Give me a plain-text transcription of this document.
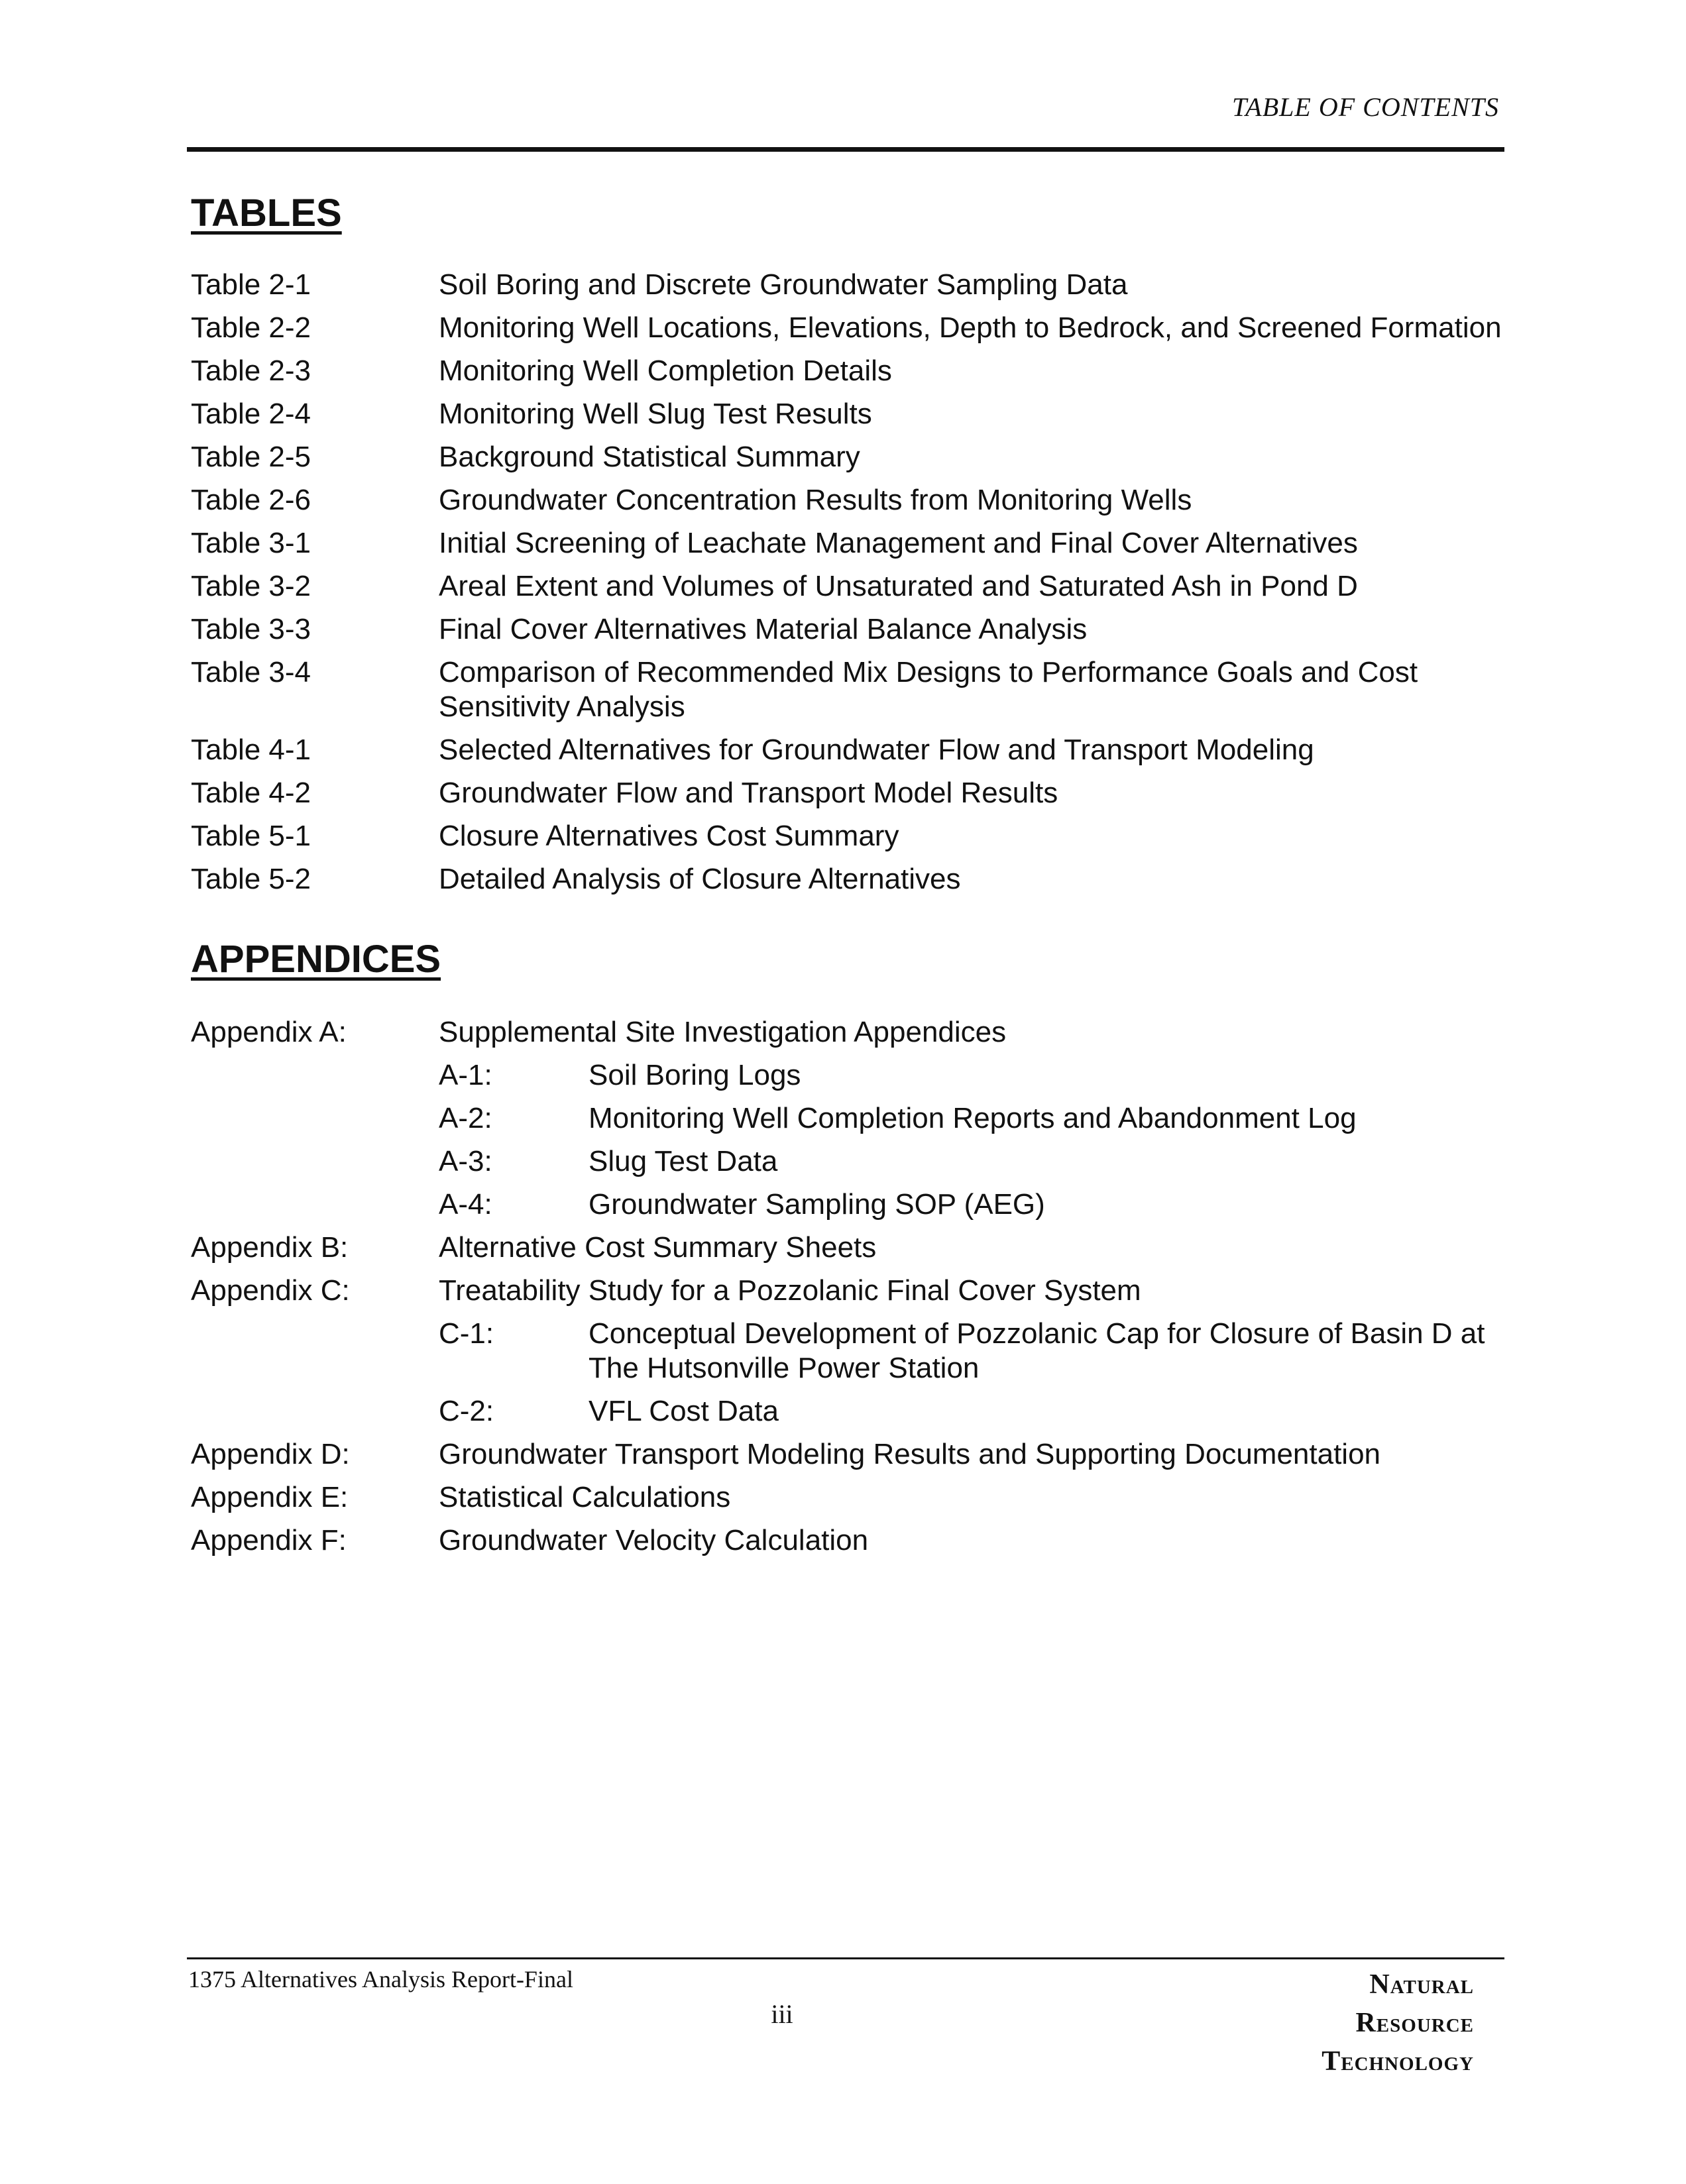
TABLE OF CONTENTS
TABLES
Table 2-1	Soil Boring and Discrete Groundwater Sampling Data
Table 2-2	Monitoring Well Locations, Elevations, Depth to Bedrock, and Screened Formation
Table 2-3	Monitoring Well Completion Details
Table 2-4	Monitoring Well Slug Test Results
Table 2-5	Background Statistical Summary
Table 2-6	Groundwater Concentration Results from Monitoring Wells
Table 3-1	Initial Screening of Leachate Management and Final Cover Alternatives
Table 3-2	Areal Extent and Volumes of Unsaturated and Saturated Ash in Pond D
Table 3-3	Final Cover Alternatives Material Balance Analysis
Table 3-4	Comparison of Recommended Mix Designs to Performance Goals and Cost Sensitivity Analysis
Table 4-1	Selected Alternatives for Groundwater Flow and Transport Modeling
Table 4-2	Groundwater Flow and Transport Model Results
Table 5-1	Closure Alternatives Cost Summary
Table 5-2	Detailed Analysis of Closure Alternatives
APPENDICES
Appendix A:	Supplemental Site Investigation Appendices
A-1:	Soil Boring Logs
A-2:	Monitoring Well Completion Reports and Abandonment Log
A-3:	Slug Test Data
A-4:	Groundwater Sampling SOP (AEG)
Appendix B:	Alternative Cost Summary Sheets
Appendix C:	Treatability Study for a Pozzolanic Final Cover System
C-1:	Conceptual Development of Pozzolanic Cap for Closure of Basin D at The Hutsonville Power Station
C-2:	VFL Cost Data
Appendix D:	Groundwater Transport Modeling Results and Supporting Documentation
Appendix E:	Statistical Calculations
Appendix F:	Groundwater Velocity Calculation
1375 Alternatives Analysis Report-Final
iii
Natural
Resource
Technology
